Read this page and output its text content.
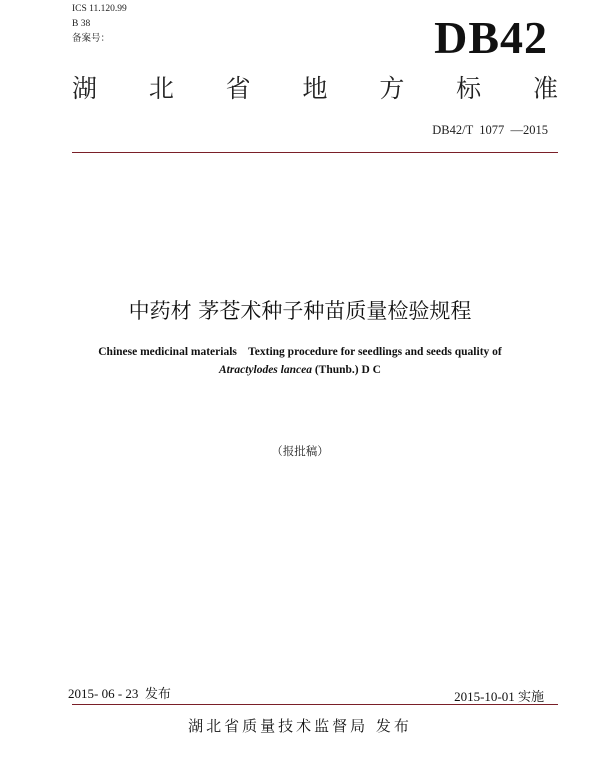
ICS 11.120.99
B 38
备案号：	DB42
湖 北 省 地 方 标 准
DB42/T  1077  —2015
中药材 茅苍术种子种苗质量检验规程
Chinese medicinal materials    Texting procedure for seedlings and seeds quality of
Atractylodes lancea (Thunb.) D C
（报批稿）
2015- 06 - 23  发布	2015-10-01 实施
湖北省质量技术监督局 发布
